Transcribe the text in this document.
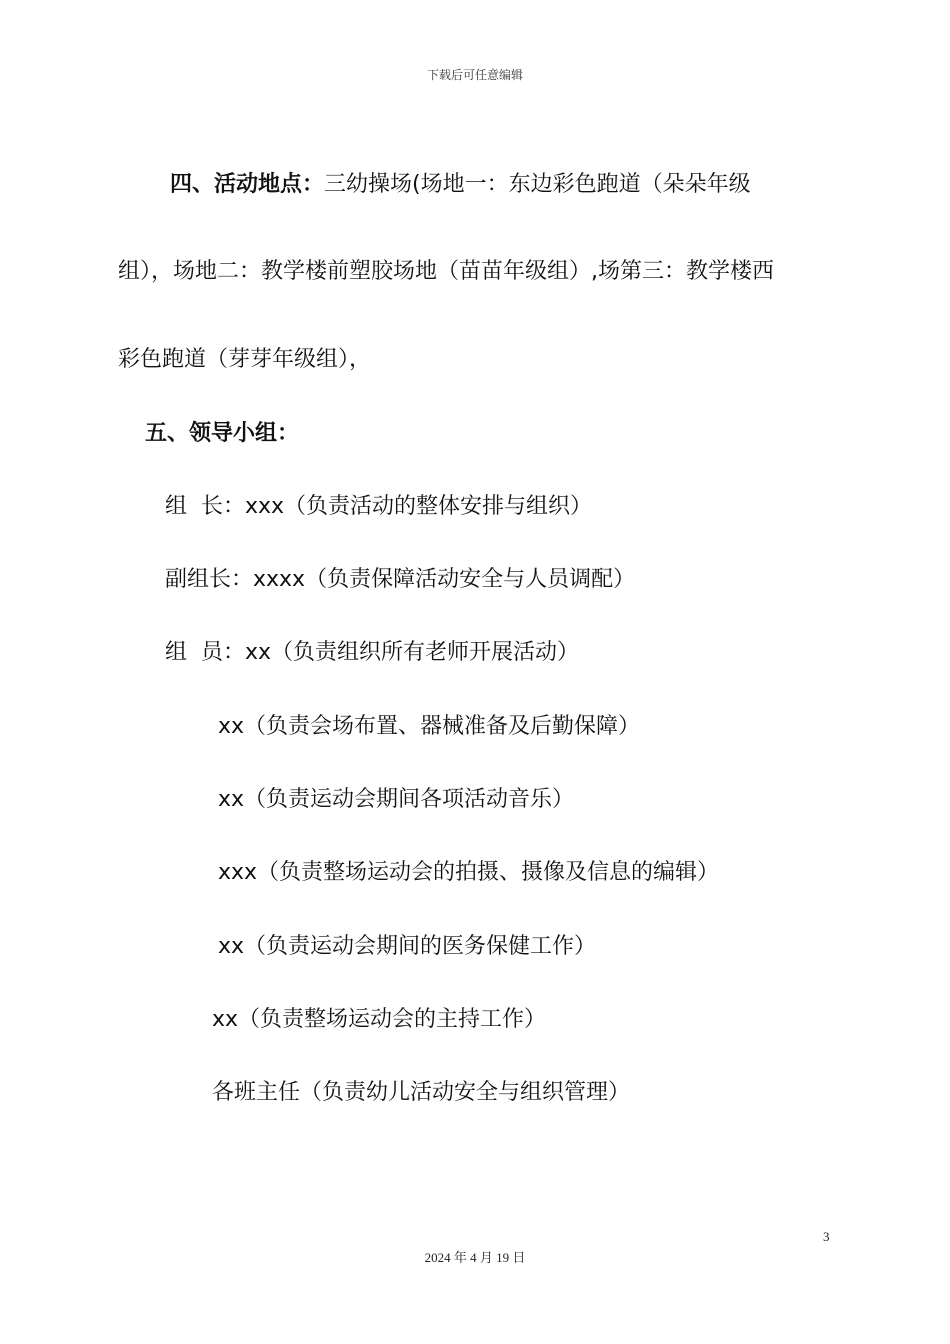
下载后可任意编辑
四、活动地点：三幼操场(场地一：东边彩色跑道（朵朵年级
组），场地二：教学楼前塑胶场地（苗苗年级组）,场第三：教学楼西
彩色跑道（芽芽年级组），
五、领导小组：
组  长：xxx（负责活动的整体安排与组织）
副组长：xxxx（负责保障活动安全与人员调配）
组  员：xx（负责组织所有老师开展活动）
xx（负责会场布置、器械准备及后勤保障）
xx（负责运动会期间各项活动音乐）
xxx（负责整场运动会的拍摄、摄像及信息的编辑）
xx（负责运动会期间的医务保健工作）
xx（负责整场运动会的主持工作）
各班主任（负责幼儿活动安全与组织管理）
3
2024 年 4 月 19 日
